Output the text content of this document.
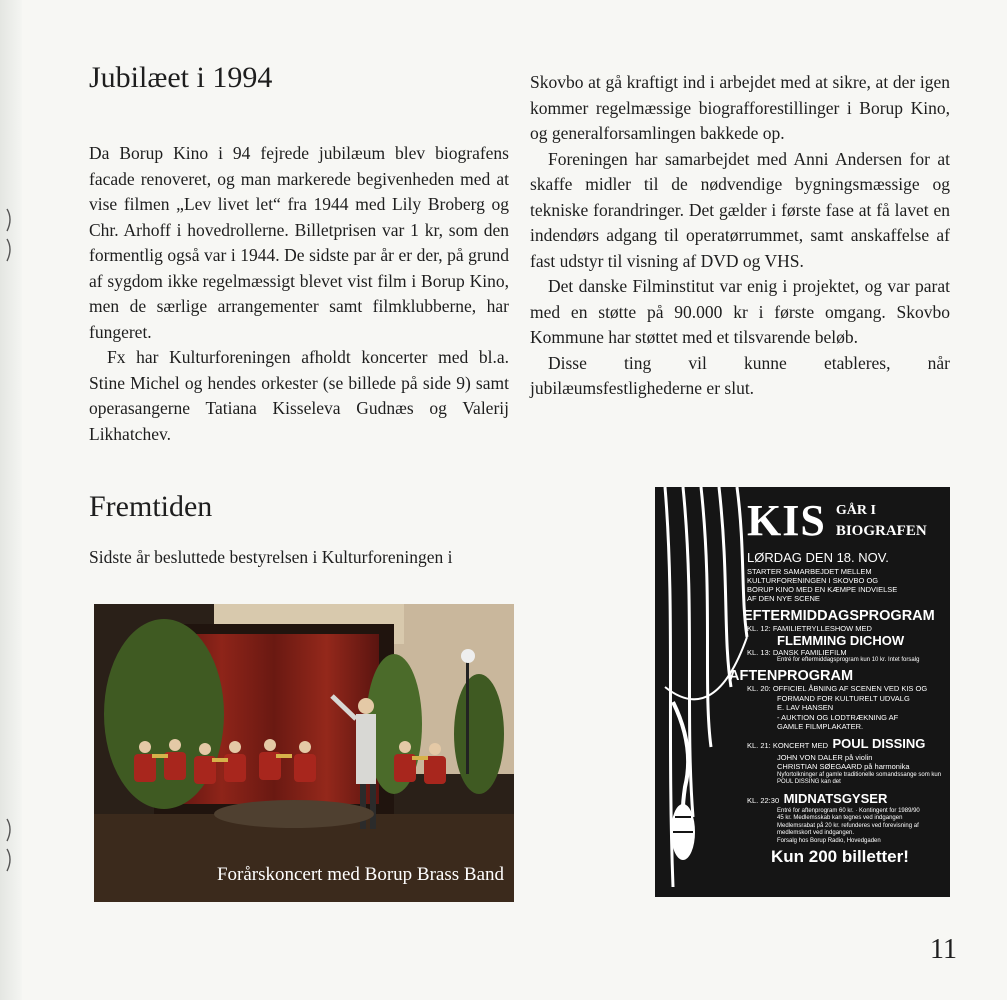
Jubilæet i 1994

Da Borup Kino i 94 fejrede jubilæum blev biografens facade renoveret, og man markerede begivenheden med at vise filmen „Lev livet let“ fra 1944 med Lily Broberg og Chr. Arhoff i hovedrollerne. Billetprisen var 1 kr, som den formentlig også var i 1944. De sidste par år er der, på grund af sygdom ikke regelmæssigt blevet vist film i Borup Kino, men de særlige arrangementer samt filmklubberne, har fungeret.

Fx har Kulturforeningen afholdt koncerter med bl.a. Stine Michel og hendes orkester (se billede på side 9) samt operasangerne Tatiana Kisseleva Gudnæs og Valerij Likhatchev.

Fremtiden

Sidste år besluttede bestyrelsen i Kulturforeningen i

Skovbo at gå kraftigt ind i arbejdet med at sikre, at der igen kommer regelmæssige biografforestillinger i Borup Kino, og generalforsamlingen bakkede op.

Foreningen har samarbejdet med Anni Andersen for at skaffe midler til de nødvendige bygningsmæssige og tekniske forandringer. Det gælder i første fase at få lavet en indendørs adgang til operatørrummet, samt anskaffelse af fast udstyr til visning af DVD og VHS.

Det danske Filminstitut var enig i projektet, og var parat med en støtte på 90.000 kr i første omgang. Skovbo Kommune har støttet med et tilsvarende beløb.

Disse ting vil kunne etableres, når jubilæumsfestlighederne er slut.

Forårskoncert med Borup Brass Band
KIS GÅR I
BIOGRAFEN
LØRDAG DEN 18. NOV.
STARTER SAMARBEJDET MELLEM
KULTURFORENINGEN I SKOVBO OG
BORUP KINO MED EN KÆMPE INDVIELSE
AF DEN NYE SCENE
EFTERMIDDAGSPROGRAM
KL. 12: FAMILIETRYLLESHOW MED
FLEMMING DICHOW
KL. 13: DANSK FAMILIEFILM
Entré for eftermiddagsprogram kun 10 kr. Intet forsalg
AFTENPROGRAM
KL. 20: OFFICIEL ÅBNING AF SCENEN VED KIS OG
FORMAND FOR KULTURELT UDVALG
E. LAV HANSEN
- AUKTION OG LODTRÆKNING AF
GAMLE FILMPLAKATER.
KL. 21: KONCERT MED POUL DISSING
JOHN VON DALER på violin
CHRISTIAN SØEGAARD på harmonika
Nyfortolkninger af gamle traditionelle somandssange som kun POUL DISSING kan det
KL. 22:30 MIDNATSGYSER
Entré for aftenprogram 60 kr. · Kontingent for 1989/90
45 kr. Medlemsskab kan tegnes ved indgangen
Medlemsrabat på 20 kr. refunderes ved forevisning af
medlemskort ved indgangen.
Forsalg hos Borup Radio, Hovedgaden
Kun 200 billetter!
11
